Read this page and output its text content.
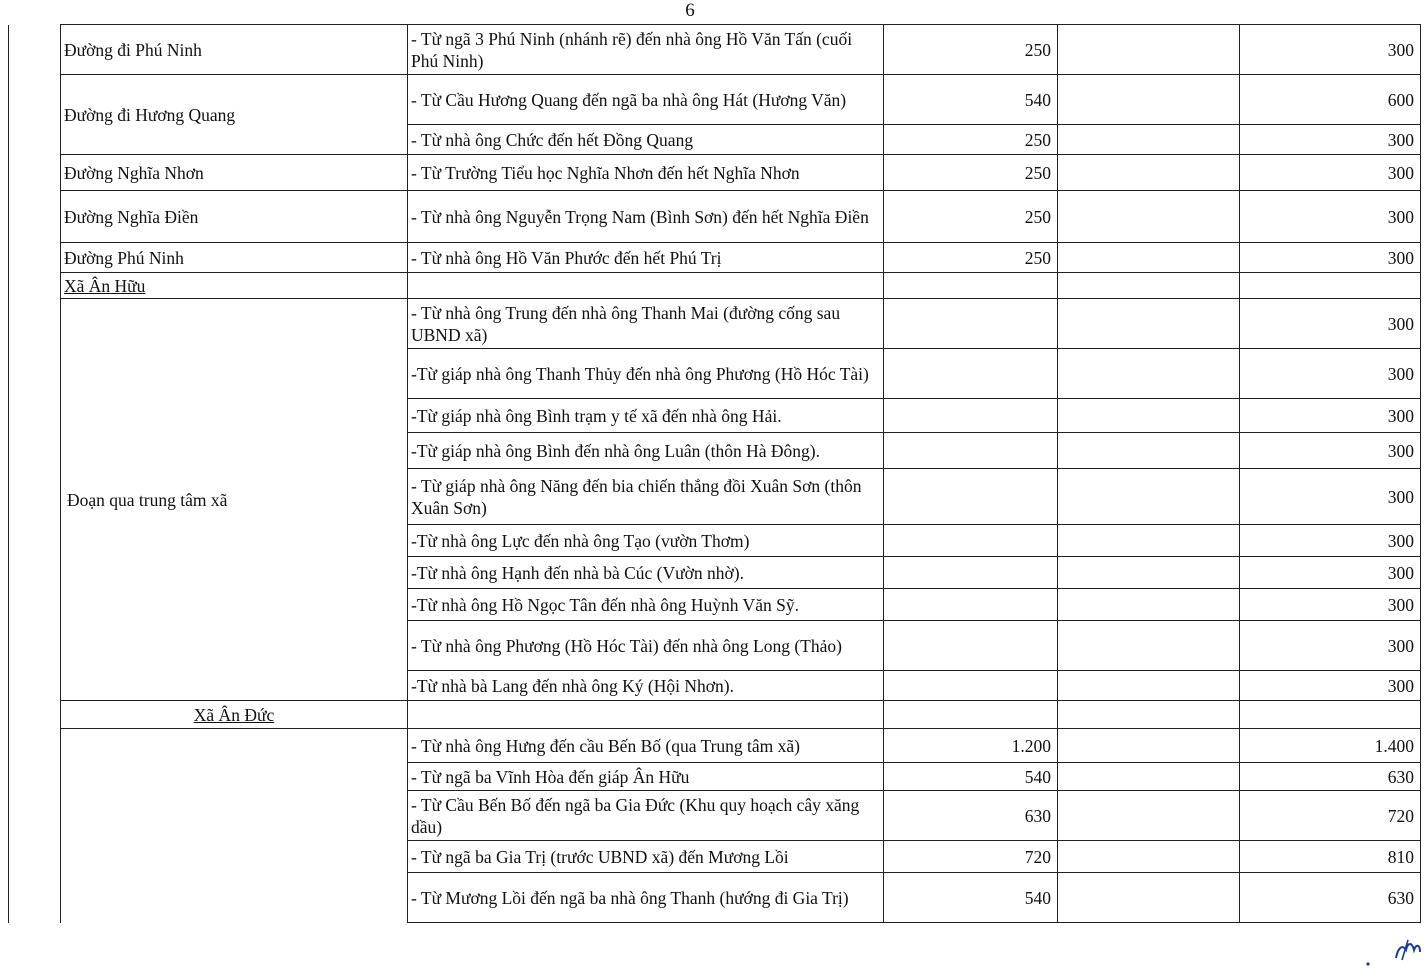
6
	Đường đi Phú Ninh	- Từ ngã 3 Phú Ninh (nhánh rẽ) đến nhà ông Hồ Văn Tấn (cuối Phú Ninh)	250		300
	Đường đi Hương Quang	- Từ Cầu Hương Quang đến ngã ba nhà ông Hát (Hương Văn)	540		600
		- Từ nhà ông Chức đến hết Đồng Quang	250		300
	Đường Nghĩa Nhơn	- Từ Trường Tiểu học Nghĩa Nhơn đến hết Nghĩa Nhơn	250		300
	Đường Nghĩa Điền	- Từ nhà ông Nguyễn Trọng Nam (Bình Sơn) đến hết Nghĩa Điền	250		300
	Đường Phú Ninh	- Từ nhà ông Hồ Văn Phước đến hết Phú Trị	250		300
	Xã Ân Hữu				
	Đoạn qua trung tâm xã	- Từ nhà ông Trung đến nhà ông Thanh Mai (đường cống sau UBND xã)			300
		-Từ giáp nhà ông Thanh Thủy đến nhà ông Phương (Hồ Hóc Tài)			300
		-Từ giáp nhà ông Bình trạm y tế xã đến nhà ông Hải.			300
		-Từ giáp nhà ông Bình đến nhà ông Luân (thôn Hà Đông).			300
		- Từ giáp nhà ông Năng đến bia chiến thắng đồi Xuân Sơn (thôn Xuân Sơn)			300
		-Từ nhà ông Lực đến nhà ông Tạo (vườn Thơm)			300
		-Từ nhà ông Hạnh đến nhà bà Cúc (Vườn nhờ).			300
		-Từ nhà ông Hồ Ngọc Tân đến nhà ông Huỳnh Văn Sỹ.			300
		- Từ nhà ông Phương (Hồ Hóc Tài) đến nhà ông Long (Thảo)			300
		-Từ nhà bà Lang đến nhà ông Ký (Hội Nhơn).			300
	Xã Ân Đức				
		- Từ nhà ông Hưng đến cầu Bến Bố (qua Trung tâm xã)	1.200		1.400
		- Từ ngã ba Vĩnh Hòa đến giáp Ân Hữu	540		630
		- Từ Cầu Bến Bố đến ngã ba Gia Đức (Khu quy hoạch cây xăng dầu)	630		720
		- Từ ngã ba Gia Trị (trước UBND xã) đến Mương Lồi	720		810
		- Từ Mương Lồi đến ngã ba nhà ông Thanh (hướng đi Gia Trị)	540		630
